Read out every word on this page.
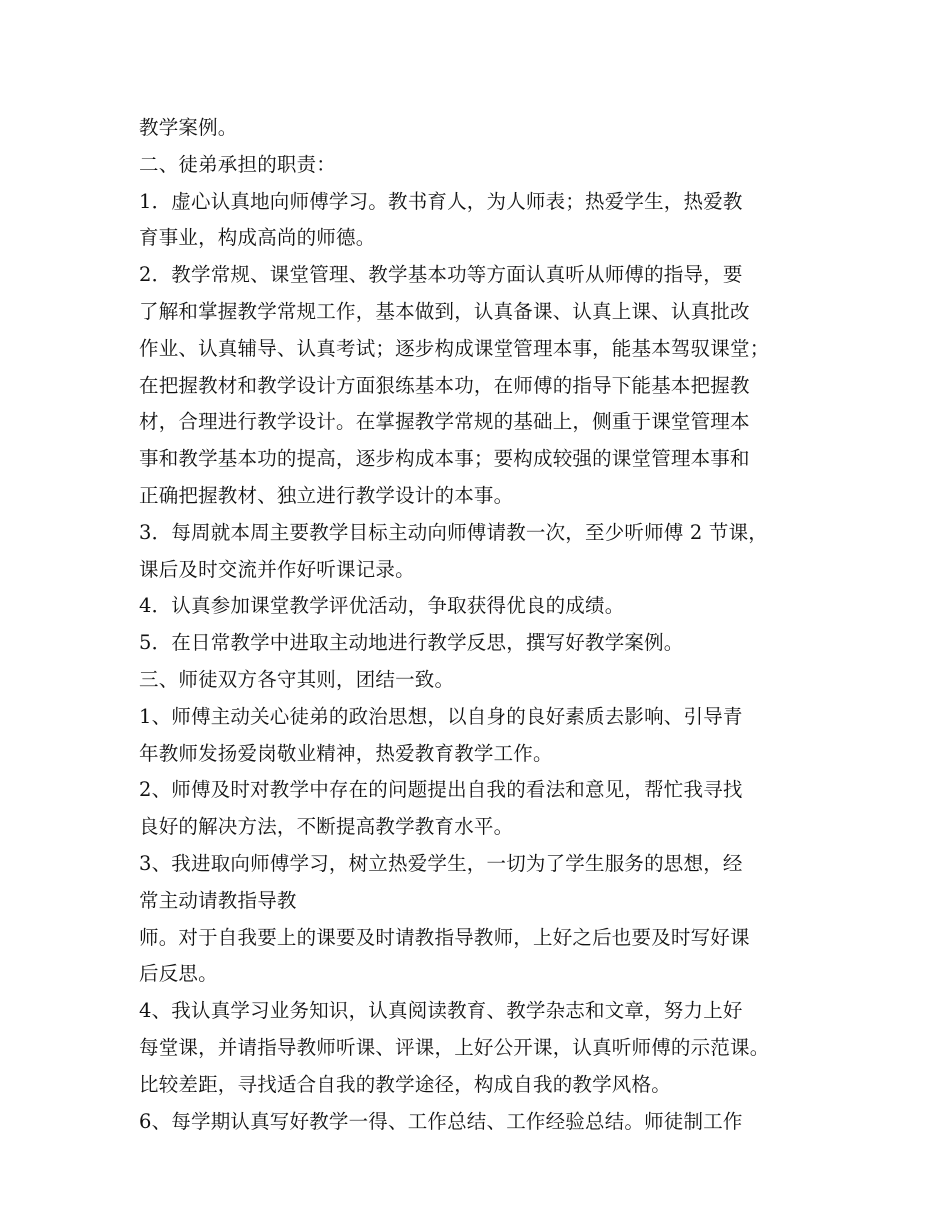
教学案例。
二、徒弟承担的职责：
1．虚心认真地向师傅学习。教书育人，为人师表；热爱学生，热爱教
育事业，构成高尚的师德。
2．教学常规、课堂管理、教学基本功等方面认真听从师傅的指导，要
了解和掌握教学常规工作，基本做到，认真备课、认真上课、认真批改
作业、认真辅导、认真考试；逐步构成课堂管理本事，能基本驾驭课堂；
在把握教材和教学设计方面狠练基本功，在师傅的指导下能基本把握教
材，合理进行教学设计。在掌握教学常规的基础上，侧重于课堂管理本
事和教学基本功的提高，逐步构成本事；要构成较强的课堂管理本事和
正确把握教材、独立进行教学设计的本事。
3．每周就本周主要教学目标主动向师傅请教一次，至少听师傅 2 节课，
课后及时交流并作好听课记录。
4．认真参加课堂教学评优活动，争取获得优良的成绩。
5．在日常教学中进取主动地进行教学反思，撰写好教学案例。
三、师徒双方各守其则，团结一致。
1、师傅主动关心徒弟的政治思想，以自身的良好素质去影响、引导青
年教师发扬爱岗敬业精神，热爱教育教学工作。
2、师傅及时对教学中存在的问题提出自我的看法和意见，帮忙我寻找
良好的解决方法，不断提高教学教育水平。
3、我进取向师傅学习，树立热爱学生，一切为了学生服务的思想，经
常主动请教指导教
师。对于自我要上的课要及时请教指导教师，上好之后也要及时写好课
后反思。
4、我认真学习业务知识，认真阅读教育、教学杂志和文章，努力上好
每堂课，并请指导教师听课、评课，上好公开课，认真听师傅的示范课。
比较差距，寻找适合自我的教学途径，构成自我的教学风格。
6、每学期认真写好教学一得、工作总结、工作经验总结。师徒制工作
